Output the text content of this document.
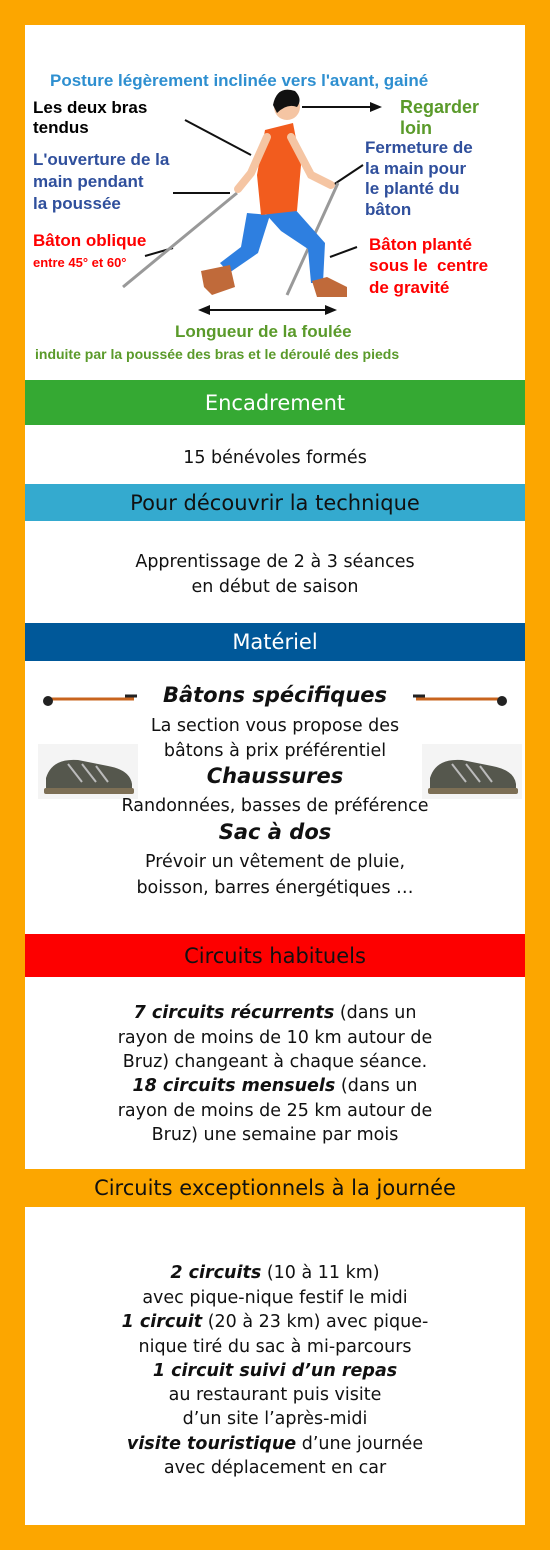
Posture légèrement inclinée vers l'avant, gainé
Les deux bras
tendus
Regarder
loin
L'ouverture de la
main pendant
la poussée
Fermeture de
la main pour
le planté du
bâton
Bâton oblique
entre 45° et 60°
Bâton planté
sous le  centre
de gravité
Longueur de la foulée
induite par la poussée des bras et le déroulé des pieds
Encadrement
15 bénévoles formés
Pour découvrir la technique
Apprentissage de 2 à 3 séances
en début de saison
Matériel
Bâtons spécifiques
La section vous propose des
bâtons à prix préférentiel
Chaussures
Randonnées, basses de préférence
Sac à dos
Prévoir un vêtement de pluie,
boisson, barres énergétiques …
Circuits habituels
7 circuits récurrents (dans un
rayon de moins de 10 km autour de
Bruz) changeant à chaque séance.
18 circuits mensuels (dans un
rayon de moins de 25 km autour de
Bruz) une semaine par mois
Circuits exceptionnels à la journée
2 circuits (10 à 11 km)
avec pique-nique festif le midi
1 circuit (20 à 23 km) avec pique-
nique tiré du sac à mi-parcours
1 circuit suivi d’un repas
au restaurant puis visite
d’un site l’après-midi
visite touristique d’une journée
avec déplacement en car
